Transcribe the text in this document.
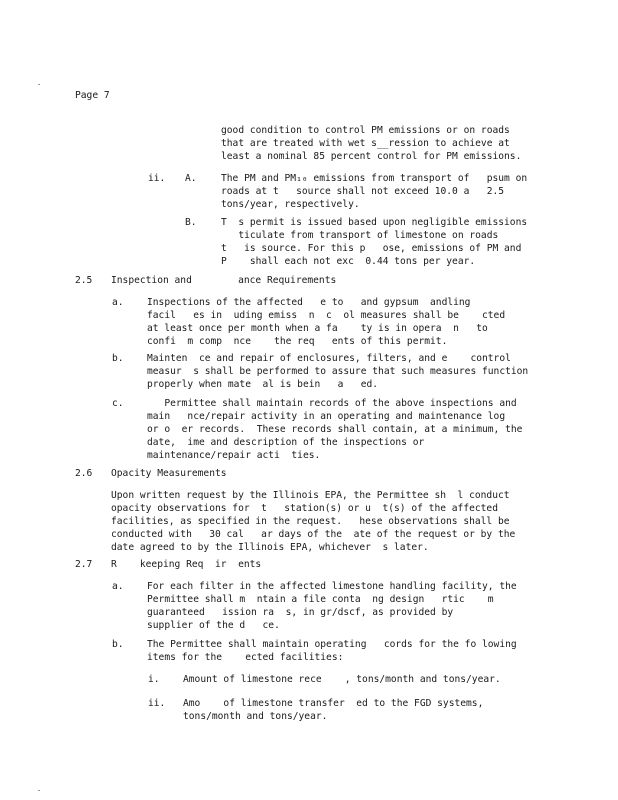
Page 7
good condition to control PM emissions or on roads
that are treated with wet s__ression to achieve at
least a nominal 85 percent control for PM emissions.
ii. A.	The PM and PM₁₀ emissions from transport of   psum on
roads at t   source shall not exceed 10.0 a   2.5
tons/year, respectively.
B.	T  s permit is issued based upon negligible emissions
ticulate from transport of limestone on roads
t   is source. For this p   ose, emissions of PM and
P    shall each not exc  0.44 tons per year.
2.5 Inspection and        ance Requirements
a. Inspections of the affected   e to   and gypsum  andling
facil   es in  uding emiss  n  c  ol measures shall be    cted
at least once per month when a fa    ty is in opera  n   to
confi  m comp  nce    the req   ents of this permit.
b. Mainten  ce and repair of enclosures, filters, and e    control
measur  s shall be performed to assure that such measures function
properly when mate  al is bein   a   ed.
c. Permittee shall maintain records of the above inspections and
main   nce/repair activity in an operating and maintenance log
or o  er records.  These records shall contain, at a minimum, the
date,  ime and description of the inspections or
maintenance/repair acti  ties.
2.6 Opacity Measurements
Upon written request by the Illinois EPA, the Permittee sh  l conduct
opacity observations for  t   station(s) or u  t(s) of the affected
facilities, as specified in the request.   hese observations shall be
conducted with   30 cal   ar days of the  ate of the request or by the
date agreed to by the Illinois EPA, whichever  s later.
2.7 R    keeping Req  ir  ents
a. For each filter in the affected limestone handling facility, the
Permittee shall m  ntain a file conta  ng design   rtic    m
guaranteed   ission ra  s, in gr/dscf, as provided by
supplier of the d   ce.
b. The Permittee shall maintain operating   cords for the fo lowing
items for the    ected facilities:
i. Amount of limestone rece    , tons/month and tons/year.
ii. Amo    of limestone transfer  ed to the FGD systems,
tons/month and tons/year.
